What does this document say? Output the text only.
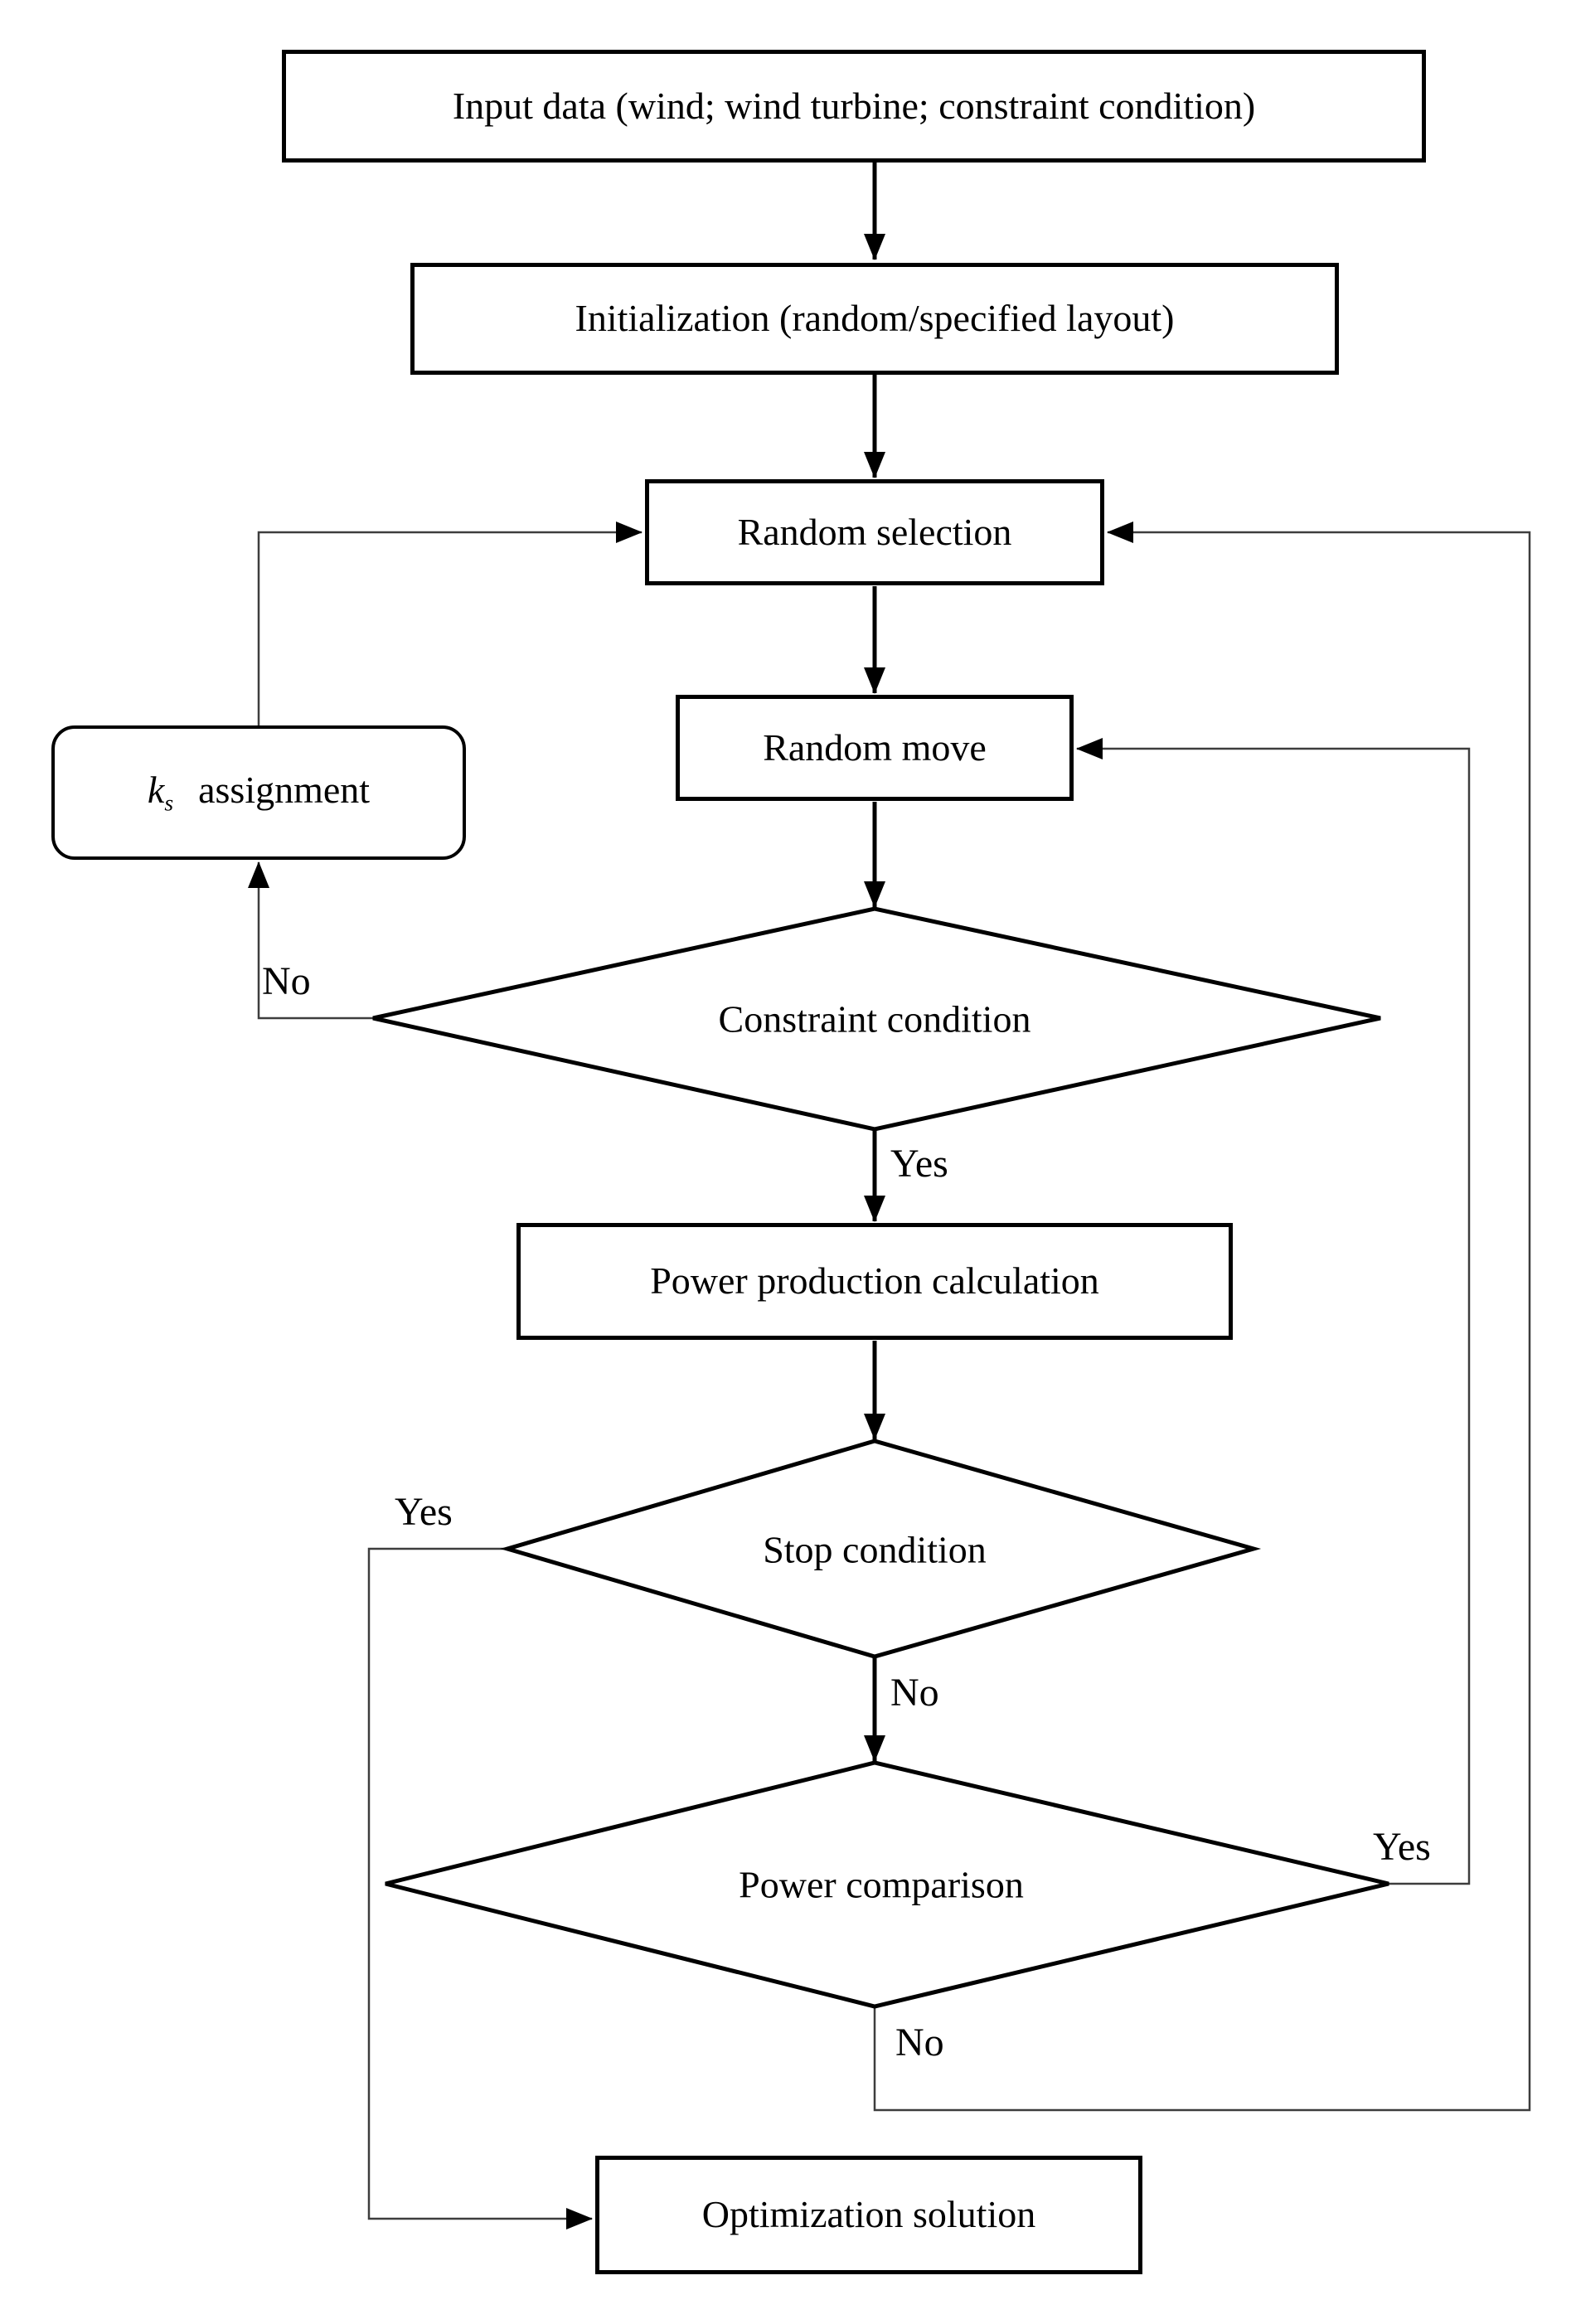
Input data (wind; wind turbine; constraint condition)
Initialization (random/specified layout)
Random selection
Random move
$k_s$ assignment
Power production calculation
Optimization solution
Constraint condition
Stop condition
Power comparison
No
Yes
Yes
No
Yes
No
